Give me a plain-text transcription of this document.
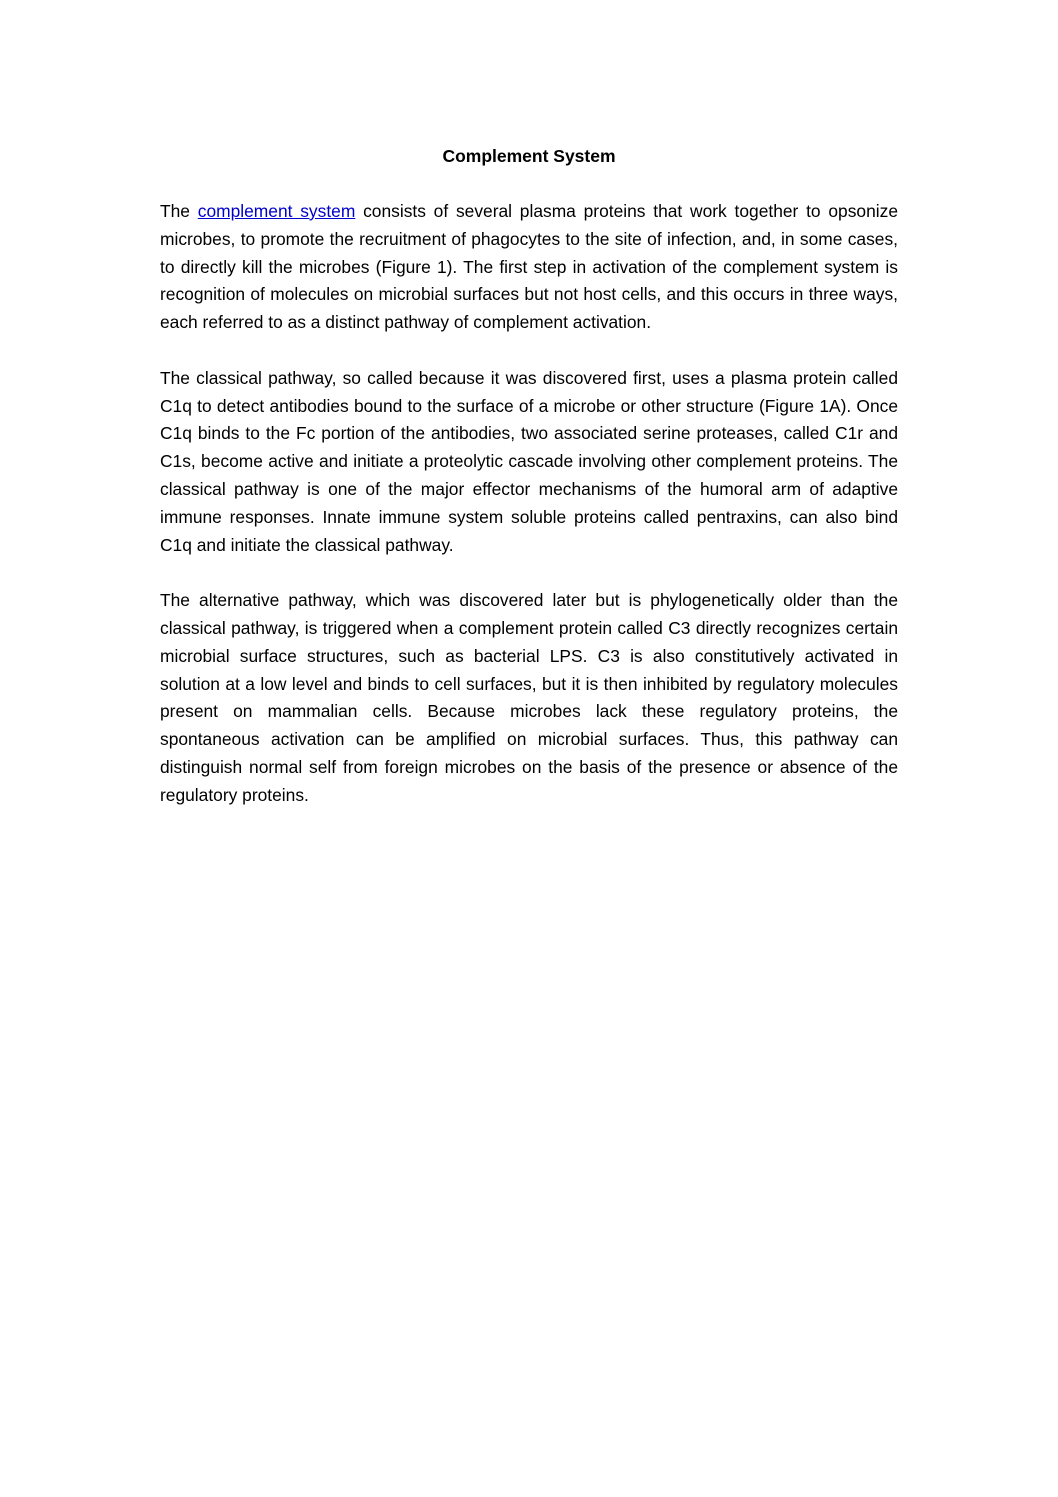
Complement System

The complement system consists of several plasma proteins that work together to opsonize microbes, to promote the recruitment of phagocytes to the site of infection, and, in some cases, to directly kill the microbes (Figure 1). The first step in activation of the complement system is recognition of molecules on microbial surfaces but not host cells, and this occurs in three ways, each referred to as a distinct pathway of complement activation.

The classical pathway, so called because it was discovered first, uses a plasma protein called C1q to detect antibodies bound to the surface of a microbe or other structure (Figure 1A). Once C1q binds to the Fc portion of the antibodies, two associated serine proteases, called C1r and C1s, become active and initiate a proteolytic cascade involving other complement proteins. The classical pathway is one of the major effector mechanisms of the humoral arm of adaptive immune responses. Innate immune system soluble proteins called pentraxins, can also bind C1q and initiate the classical pathway.

The alternative pathway, which was discovered later but is phylogenetically older than the classical pathway, is triggered when a complement protein called C3 directly recognizes certain microbial surface structures, such as bacterial LPS. C3 is also constitutively activated in solution at a low level and binds to cell surfaces, but it is then inhibited by regulatory molecules present on mammalian cells. Because microbes lack these regulatory proteins, the spontaneous activation can be amplified on microbial surfaces. Thus, this pathway can distinguish normal self from foreign microbes on the basis of the presence or absence of the regulatory proteins.
